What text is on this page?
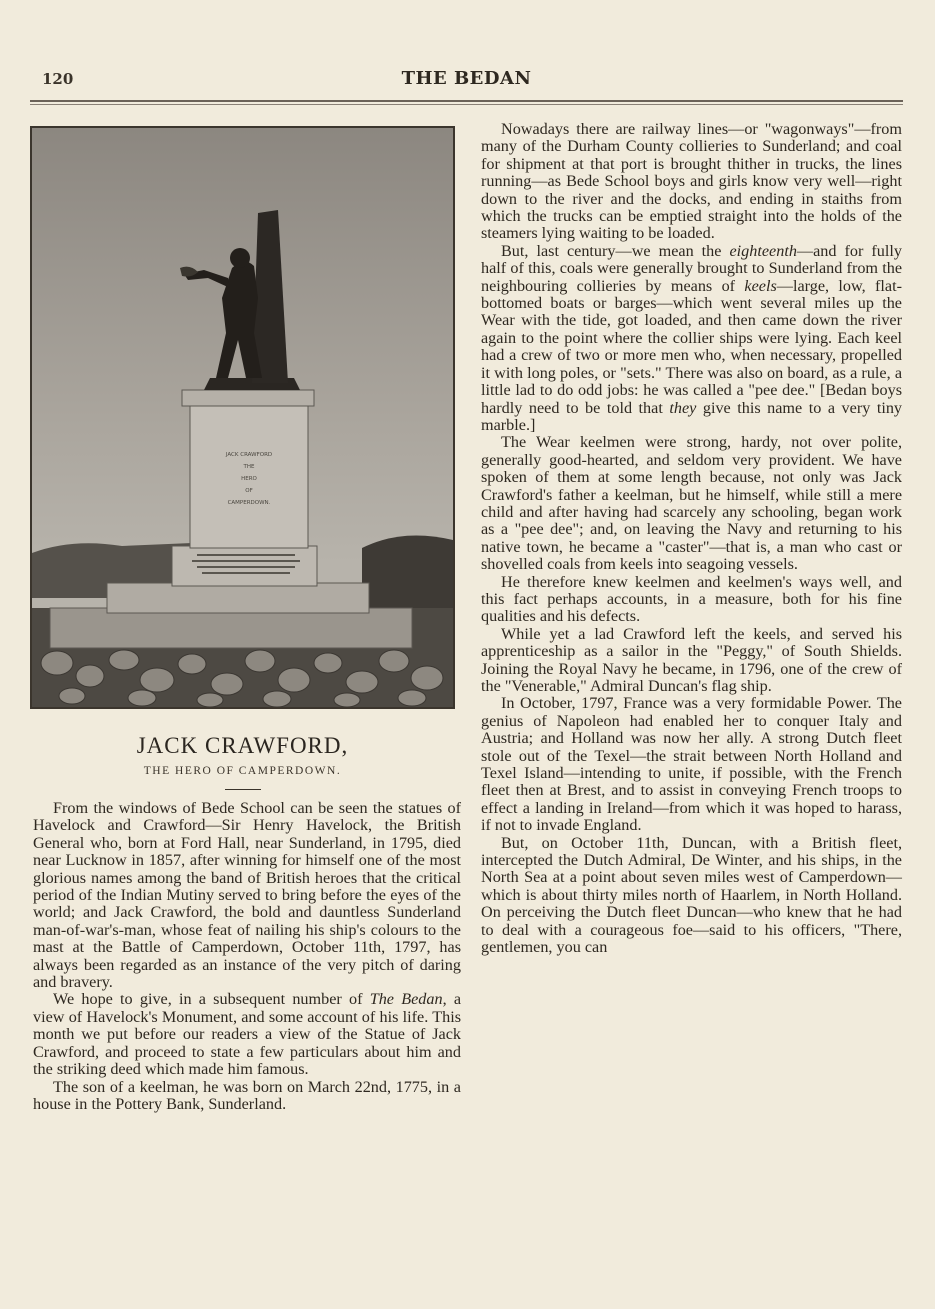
120	THE BEDAN
JACK CRAWFORD
THE
HERO
OF
CAMPERDOWN.
JACK CRAWFORD,
THE HERO OF CAMPERDOWN.

From the windows of Bede School can be seen the statues of Havelock and Crawford—Sir Henry Havelock, the British General who, born at Ford Hall, near Sunderland, in 1795, died near Lucknow in 1857, after winning for himself one of the most glorious names among the band of British heroes that the critical period of the Indian Mutiny served to bring before the eyes of the world; and Jack Crawford, the bold and dauntless Sunderland man-of-war's-man, whose feat of nailing his ship's colours to the mast at the Battle of Camperdown, October 11th, 1797, has always been regarded as an instance of the very pitch of daring and bravery.

We hope to give, in a subsequent number of The Bedan, a view of Havelock's Monument, and some account of his life. This month we put before our readers a view of the Statue of Jack Crawford, and proceed to state a few particulars about him and the striking deed which made him famous.

The son of a keelman, he was born on March 22nd, 1775, in a house in the Pottery Bank, Sunderland.

Nowadays there are railway lines—or "wagonways"—from many of the Durham County collieries to Sunderland; and coal for shipment at that port is brought thither in trucks, the lines running—as Bede School boys and girls know very well—right down to the river and the docks, and ending in staiths from which the trucks can be emptied straight into the holds of the steamers lying waiting to be loaded.

But, last century—we mean the eighteenth—and for fully half of this, coals were generally brought to Sunderland from the neighbouring collieries by means of keels—large, low, flat-bottomed boats or barges—which went several miles up the Wear with the tide, got loaded, and then came down the river again to the point where the collier ships were lying. Each keel had a crew of two or more men who, when necessary, propelled it with long poles, or "sets." There was also on board, as a rule, a little lad to do odd jobs: he was called a "pee dee." [Bedan boys hardly need to be told that they give this name to a very tiny marble.]

The Wear keelmen were strong, hardy, not over polite, generally good-hearted, and seldom very provident. We have spoken of them at some length because, not only was Jack Crawford's father a keelman, but he himself, while still a mere child and after having had scarcely any schooling, began work as a "pee dee"; and, on leaving the Navy and returning to his native town, he became a "caster"—that is, a man who cast or shovelled coals from keels into seagoing vessels.

He therefore knew keelmen and keelmen's ways well, and this fact perhaps accounts, in a measure, both for his fine qualities and his defects.

While yet a lad Crawford left the keels, and served his apprenticeship as a sailor in the "Peggy," of South Shields. Joining the Royal Navy he became, in 1796, one of the crew of the "Venerable," Admiral Duncan's flag ship.

In October, 1797, France was a very formidable Power. The genius of Napoleon had enabled her to conquer Italy and Austria; and Holland was now her ally. A strong Dutch fleet stole out of the Texel—the strait between North Holland and Texel Island—intending to unite, if possible, with the French fleet then at Brest, and to assist in conveying French troops to effect a landing in Ireland—from which it was hoped to harass, if not to invade England.

But, on October 11th, Duncan, with a British fleet, intercepted the Dutch Admiral, De Winter, and his ships, in the North Sea at a point about seven miles west of Camperdown—which is about thirty miles north of Haarlem, in North Holland. On perceiving the Dutch fleet Duncan—who knew that he had to deal with a courageous foe—said to his officers, "There, gentlemen, you can
